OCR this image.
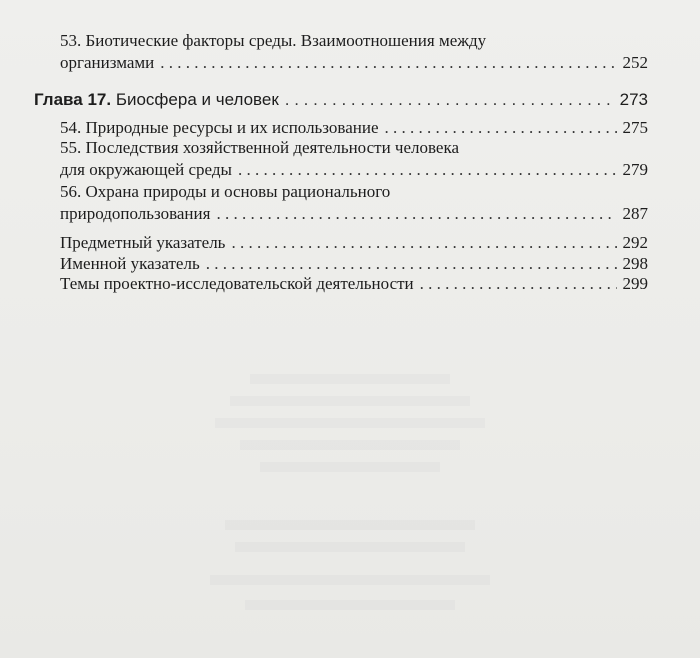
53. Биотические факторы среды. Взаимоотношения между
организмами . . .	252
Глава 17. Биосфера и человек . . .	273
54. Природные ресурсы и их использование . . .	275
55. Последствия хозяйственной деятельности человека
для окружающей среды . . .	279
56. Охрана природы и основы рационального
природопользования . . .	287
Предметный указатель . . .	292
Именной указатель . . .	298
Темы проектно-исследовательской деятельности . . .	299
